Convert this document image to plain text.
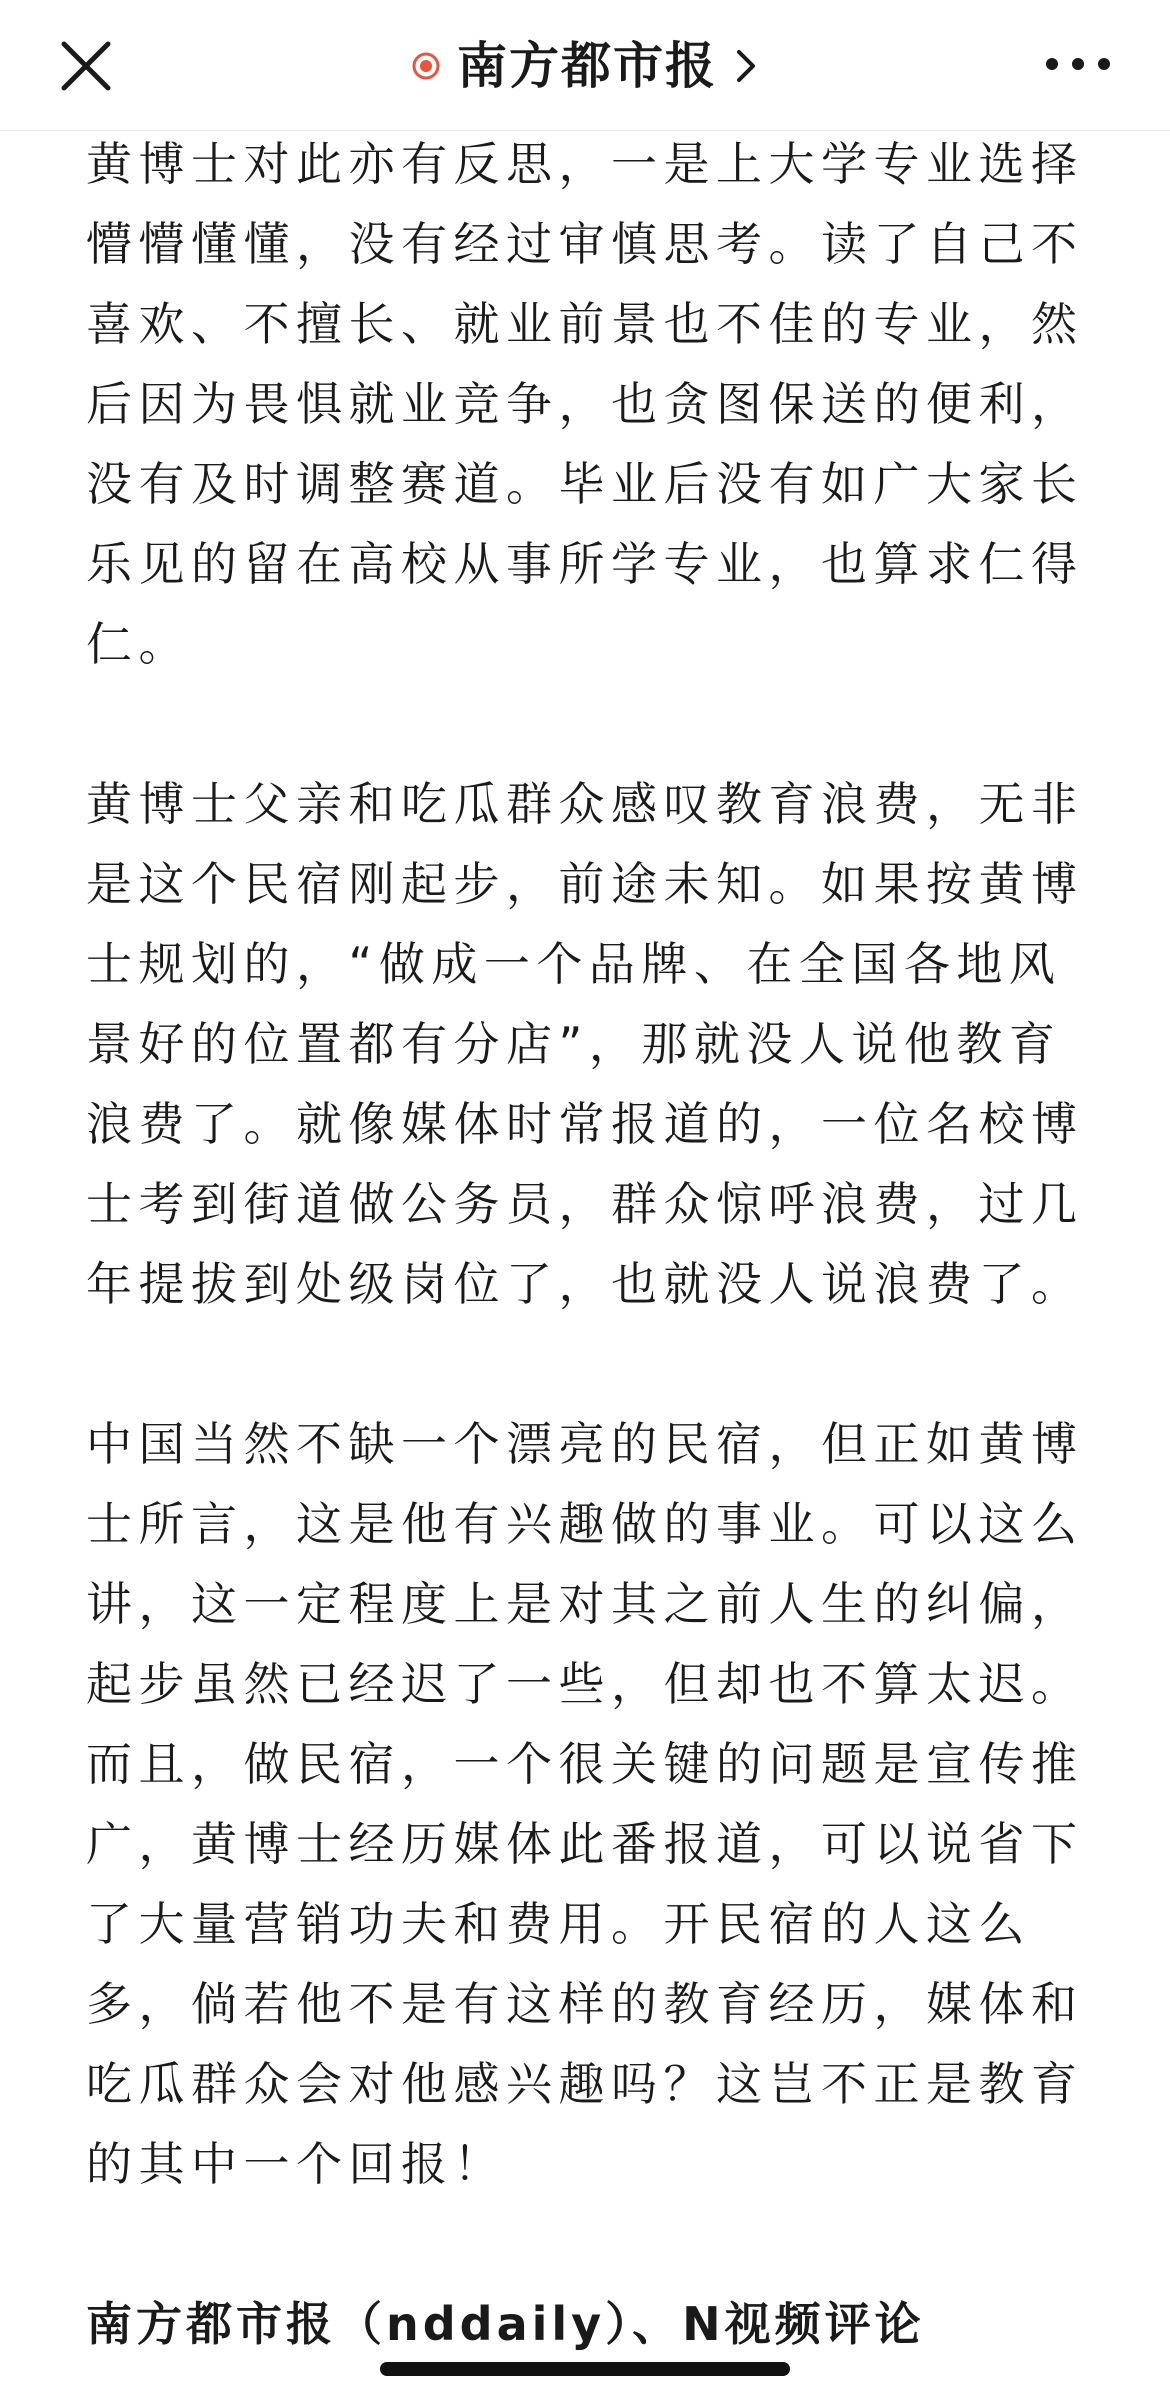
南方都市报

黄博士对此亦有反思，一是上大学专业选择懵懵懂懂，没有经过审慎思考。读了自己不喜欢、不擅长、就业前景也不佳的专业，然后因为畏惧就业竞争，也贪图保送的便利，没有及时调整赛道。毕业后没有如广大家长乐见的留在高校从事所学专业，也算求仁得仁。

黄博士父亲和吃瓜群众感叹教育浪费，无非是这个民宿刚起步，前途未知。如果按黄博士规划的，“做成一个品牌、在全国各地风景好的位置都有分店”，那就没人说他教育浪费了。就像媒体时常报道的，一位名校博士考到街道做公务员，群众惊呼浪费，过几年提拔到处级岗位了，也就没人说浪费了。

中国当然不缺一个漂亮的民宿，但正如黄博士所言，这是他有兴趣做的事业。可以这么讲，这一定程度上是对其之前人生的纠偏，起步虽然已经迟了一些，但却也不算太迟。而且，做民宿，一个很关键的问题是宣传推广，黄博士经历媒体此番报道，可以说省下了大量营销功夫和费用。开民宿的人这么多，倘若他不是有这样的教育经历，媒体和吃瓜群众会对他感兴趣吗？这岂不正是教育的其中一个回报！

南方都市报（nddaily）、N视频评论
